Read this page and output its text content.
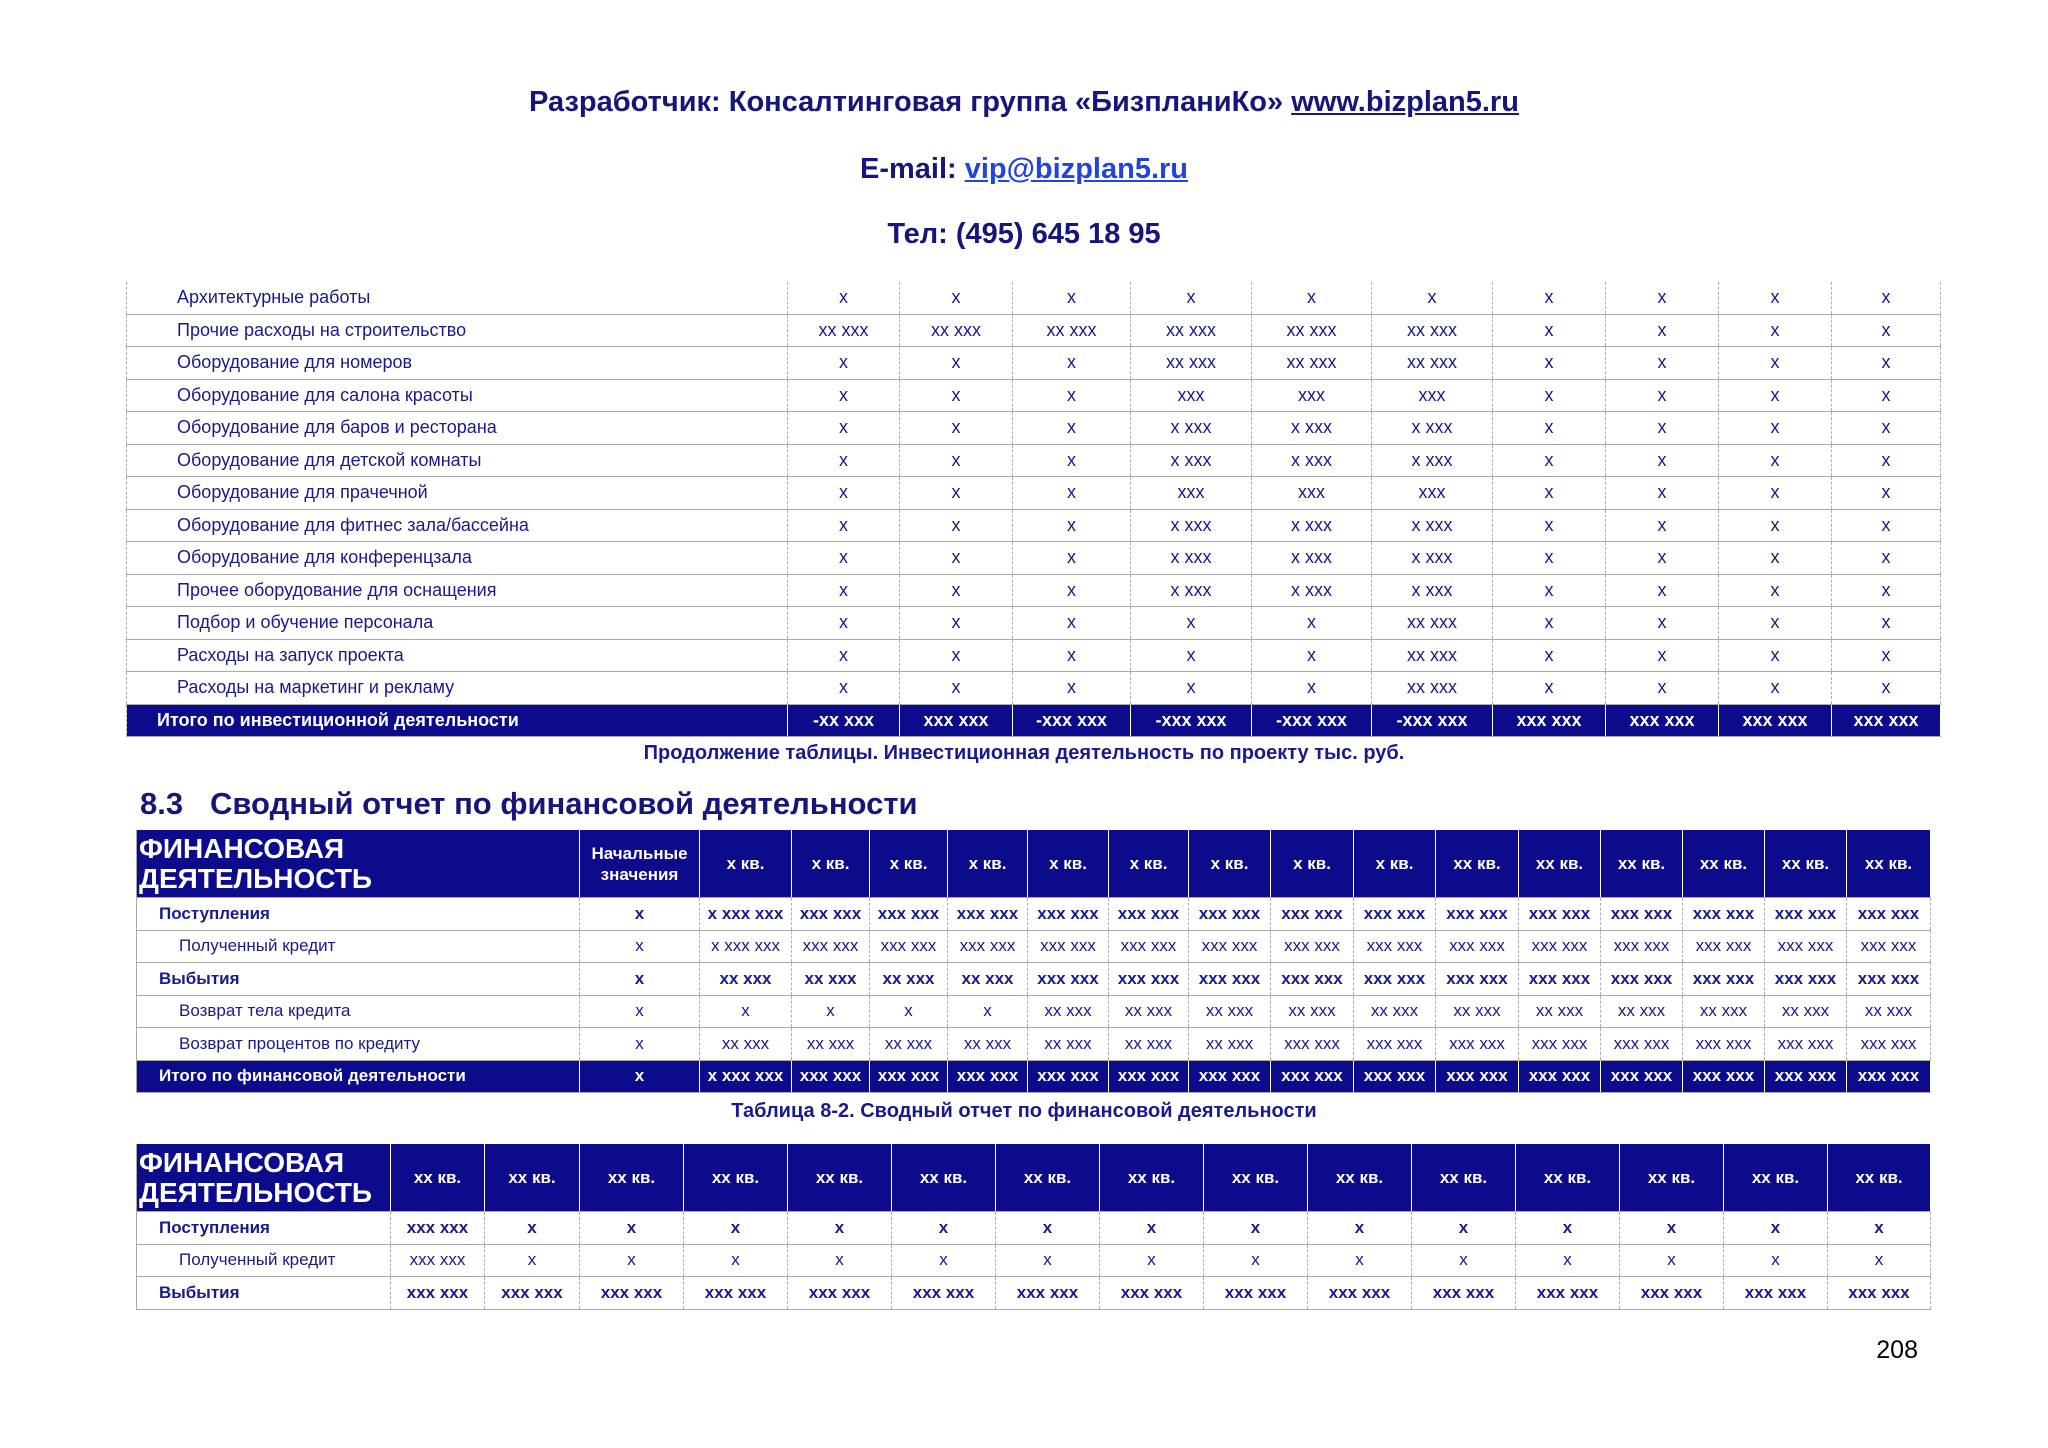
Разработчик: Консалтинговая группа «БизпланиКо» www.bizplan5.ru
E-mail: vip@bizplan5.ru
Тел: (495) 645 18 95
Архитектурные работы	x	x	x	x	x	x	x	x	x	x
Прочие расходы на строительство	xx xxx	xx xxx	xx xxx	xx xxx	xx xxx	xx xxx	x	x	x	x
Оборудование для номеров	x	x	x	xx xxx	xx xxx	xx xxx	x	x	x	x
Оборудование для салона красоты	x	x	x	xxx	xxx	xxx	x	x	x	x
Оборудование для баров и ресторана	x	x	x	x xxx	x xxx	x xxx	x	x	x	x
Оборудование для детской комнаты	x	x	x	x xxx	x xxx	x xxx	x	x	x	x
Оборудование для прачечной	x	x	x	xxx	xxx	xxx	x	x	x	x
Оборудование для фитнес зала/бассейна	x	x	x	x xxx	x xxx	x xxx	x	x	x	x
Оборудование для конференцзала	x	x	x	x xxx	x xxx	x xxx	x	x	x	x
Прочее оборудование для оснащения	x	x	x	x xxx	x xxx	x xxx	x	x	x	x
Подбор и обучение персонала	x	x	x	x	x	xx xxx	x	x	x	x
Расходы на запуск проекта	x	x	x	x	x	xx xxx	x	x	x	x
Расходы на маркетинг и рекламу	x	x	x	x	x	xx xxx	x	x	x	x
Итого по инвестиционной деятельности	-xx xxx	xxx xxx	-xxx xxx	-xxx xxx	-xxx xxx	-xxx xxx	xxx xxx	xxx xxx	xxx xxx	xxx xxx
Продолжение таблицы. Инвестиционная деятельность по проекту тыс. руб.
8.3 Сводный отчет по финансовой деятельности
ФИНАНСОВАЯ ДЕЯТЕЛЬНОСТЬ	Начальные значения	x кв.	x кв.	x кв.	x кв.	x кв.	x кв.	x кв.	x кв.	x кв.	xx кв.	xx кв.	xx кв.	xx кв.	xx кв.	xx кв.
Поступления	x	x xxx xxx	xxx xxx	xxx xxx	xxx xxx	xxx xxx	xxx xxx	xxx xxx	xxx xxx	xxx xxx	xxx xxx	xxx xxx	xxx xxx	xxx xxx	xxx xxx	xxx xxx
Полученный кредит	x	x xxx xxx	xxx xxx	xxx xxx	xxx xxx	xxx xxx	xxx xxx	xxx xxx	xxx xxx	xxx xxx	xxx xxx	xxx xxx	xxx xxx	xxx xxx	xxx xxx	xxx xxx
Выбытия	x	xx xxx	xx xxx	xx xxx	xx xxx	xxx xxx	xxx xxx	xxx xxx	xxx xxx	xxx xxx	xxx xxx	xxx xxx	xxx xxx	xxx xxx	xxx xxx	xxx xxx
Возврат тела кредита	x	x	x	x	x	xx xxx	xx xxx	xx xxx	xx xxx	xx xxx	xx xxx	xx xxx	xx xxx	xx xxx	xx xxx	xx xxx
Возврат процентов по кредиту	x	xx xxx	xx xxx	xx xxx	xx xxx	xx xxx	xx xxx	xx xxx	xxx xxx	xxx xxx	xxx xxx	xxx xxx	xxx xxx	xxx xxx	xxx xxx	xxx xxx
Итого по финансовой деятельности	x	x xxx xxx	xxx xxx	xxx xxx	xxx xxx	xxx xxx	xxx xxx	xxx xxx	xxx xxx	xxx xxx	xxx xxx	xxx xxx	xxx xxx	xxx xxx	xxx xxx	xxx xxx
Таблица 8-2. Сводный отчет по финансовой деятельности
ФИНАНСОВАЯ ДЕЯТЕЛЬНОСТЬ	xx кв.	xx кв.	xx кв.	xx кв.	xx кв.	xx кв.	xx кв.	xx кв.	xx кв.	xx кв.	xx кв.	xx кв.	xx кв.	xx кв.	xx кв.
Поступления	xxx xxx	x	x	x	x	x	x	x	x	x	x	x	x	x	x
Полученный кредит	xxx xxx	x	x	x	x	x	x	x	x	x	x	x	x	x	x
Выбытия	xxx xxx	xxx xxx	xxx xxx	xxx xxx	xxx xxx	xxx xxx	xxx xxx	xxx xxx	xxx xxx	xxx xxx	xxx xxx	xxx xxx	xxx xxx	xxx xxx	xxx xxx
208
